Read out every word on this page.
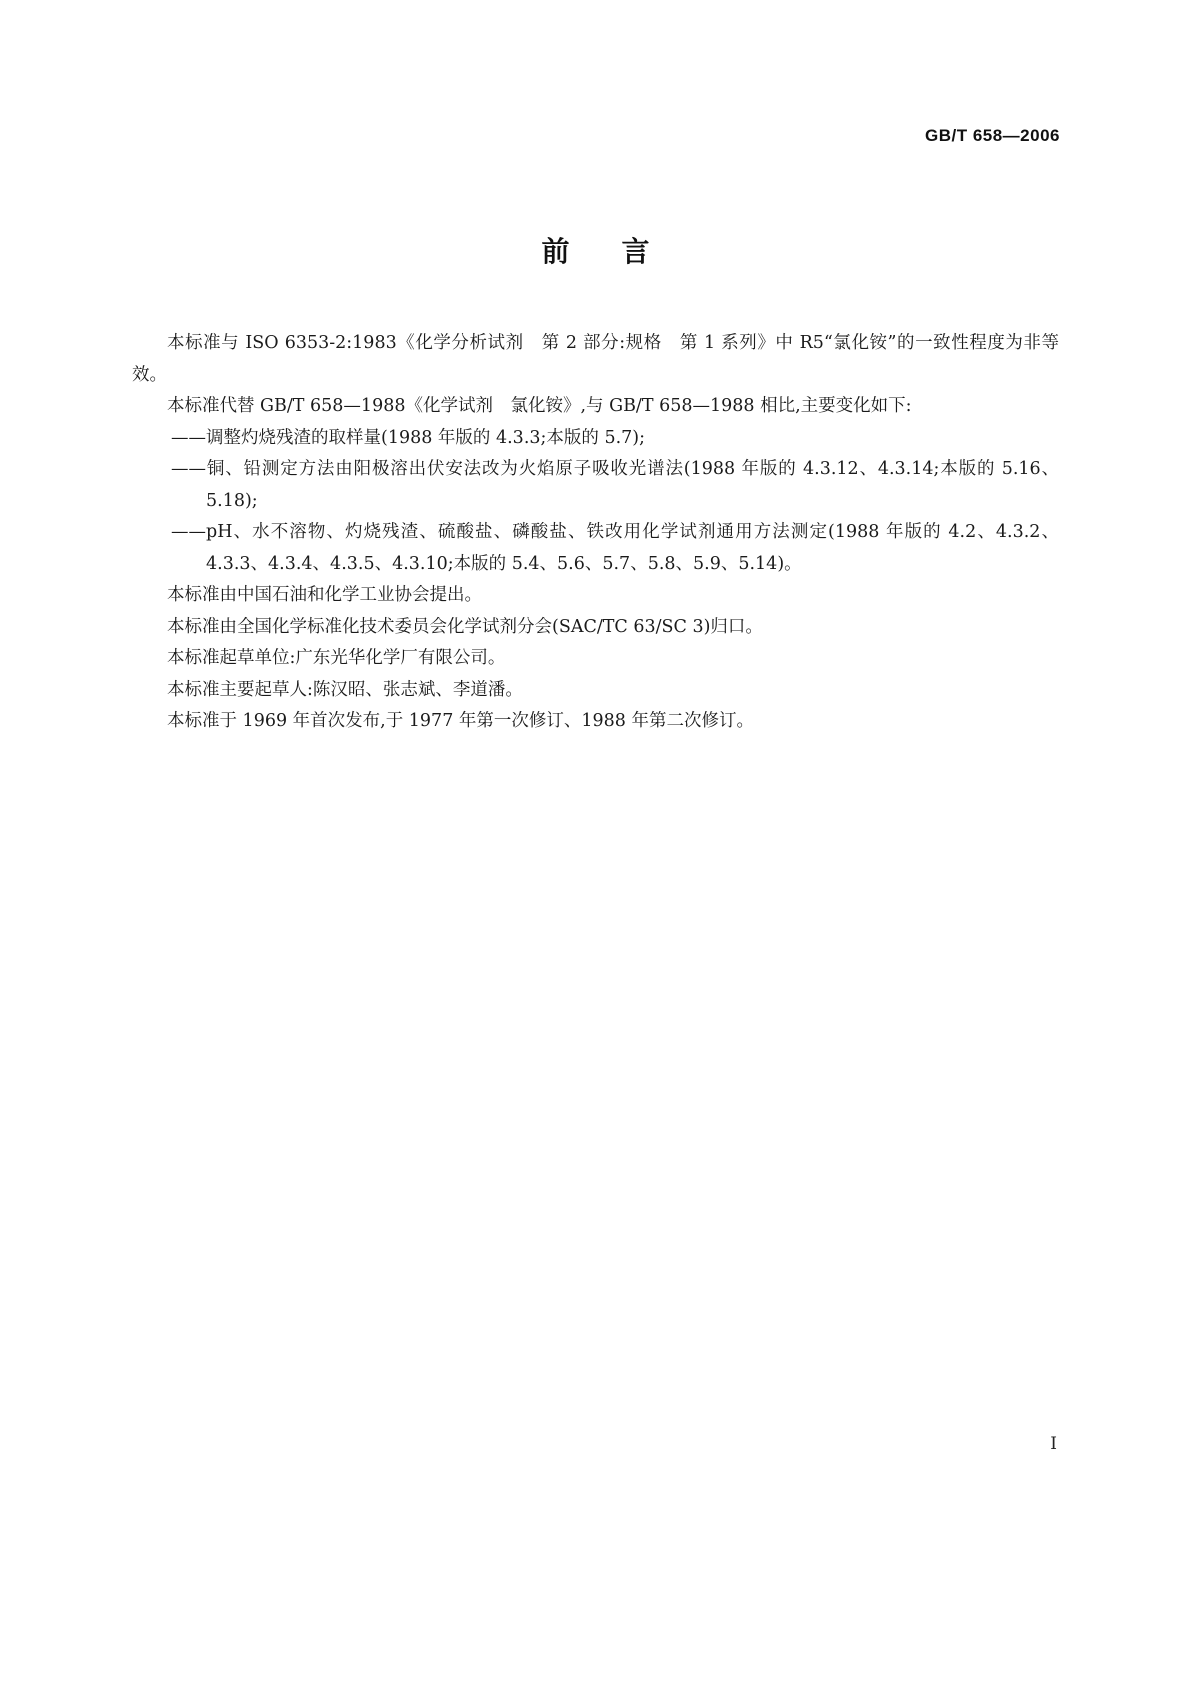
GB/T 658—2006
前言

本标准与 ISO 6353-2:1983《化学分析试剂　第 2 部分:规格　第 1 系列》中 R5“氯化铵”的一致性程度为非等效。

本标准代替 GB/T 658—1988《化学试剂　氯化铵》,与 GB/T 658—1988 相比,主要变化如下:

——调整灼烧残渣的取样量(1988 年版的 4.3.3;本版的 5.7);

——铜、铅测定方法由阳极溶出伏安法改为火焰原子吸收光谱法(1988 年版的 4.3.12、4.3.14;本版的 5.16、5.18);

——pH、水不溶物、灼烧残渣、硫酸盐、磷酸盐、铁改用化学试剂通用方法测定(1988 年版的 4.2、4.3.2、4.3.3、4.3.4、4.3.5、4.3.10;本版的 5.4、5.6、5.7、5.8、5.9、5.14)。

本标准由中国石油和化学工业协会提出。

本标准由全国化学标准化技术委员会化学试剂分会(SAC/TC 63/SC 3)归口。

本标准起草单位:广东光华化学厂有限公司。

本标准主要起草人:陈汉昭、张志斌、李道潘。

本标准于 1969 年首次发布,于 1977 年第一次修订、1988 年第二次修订。

I
